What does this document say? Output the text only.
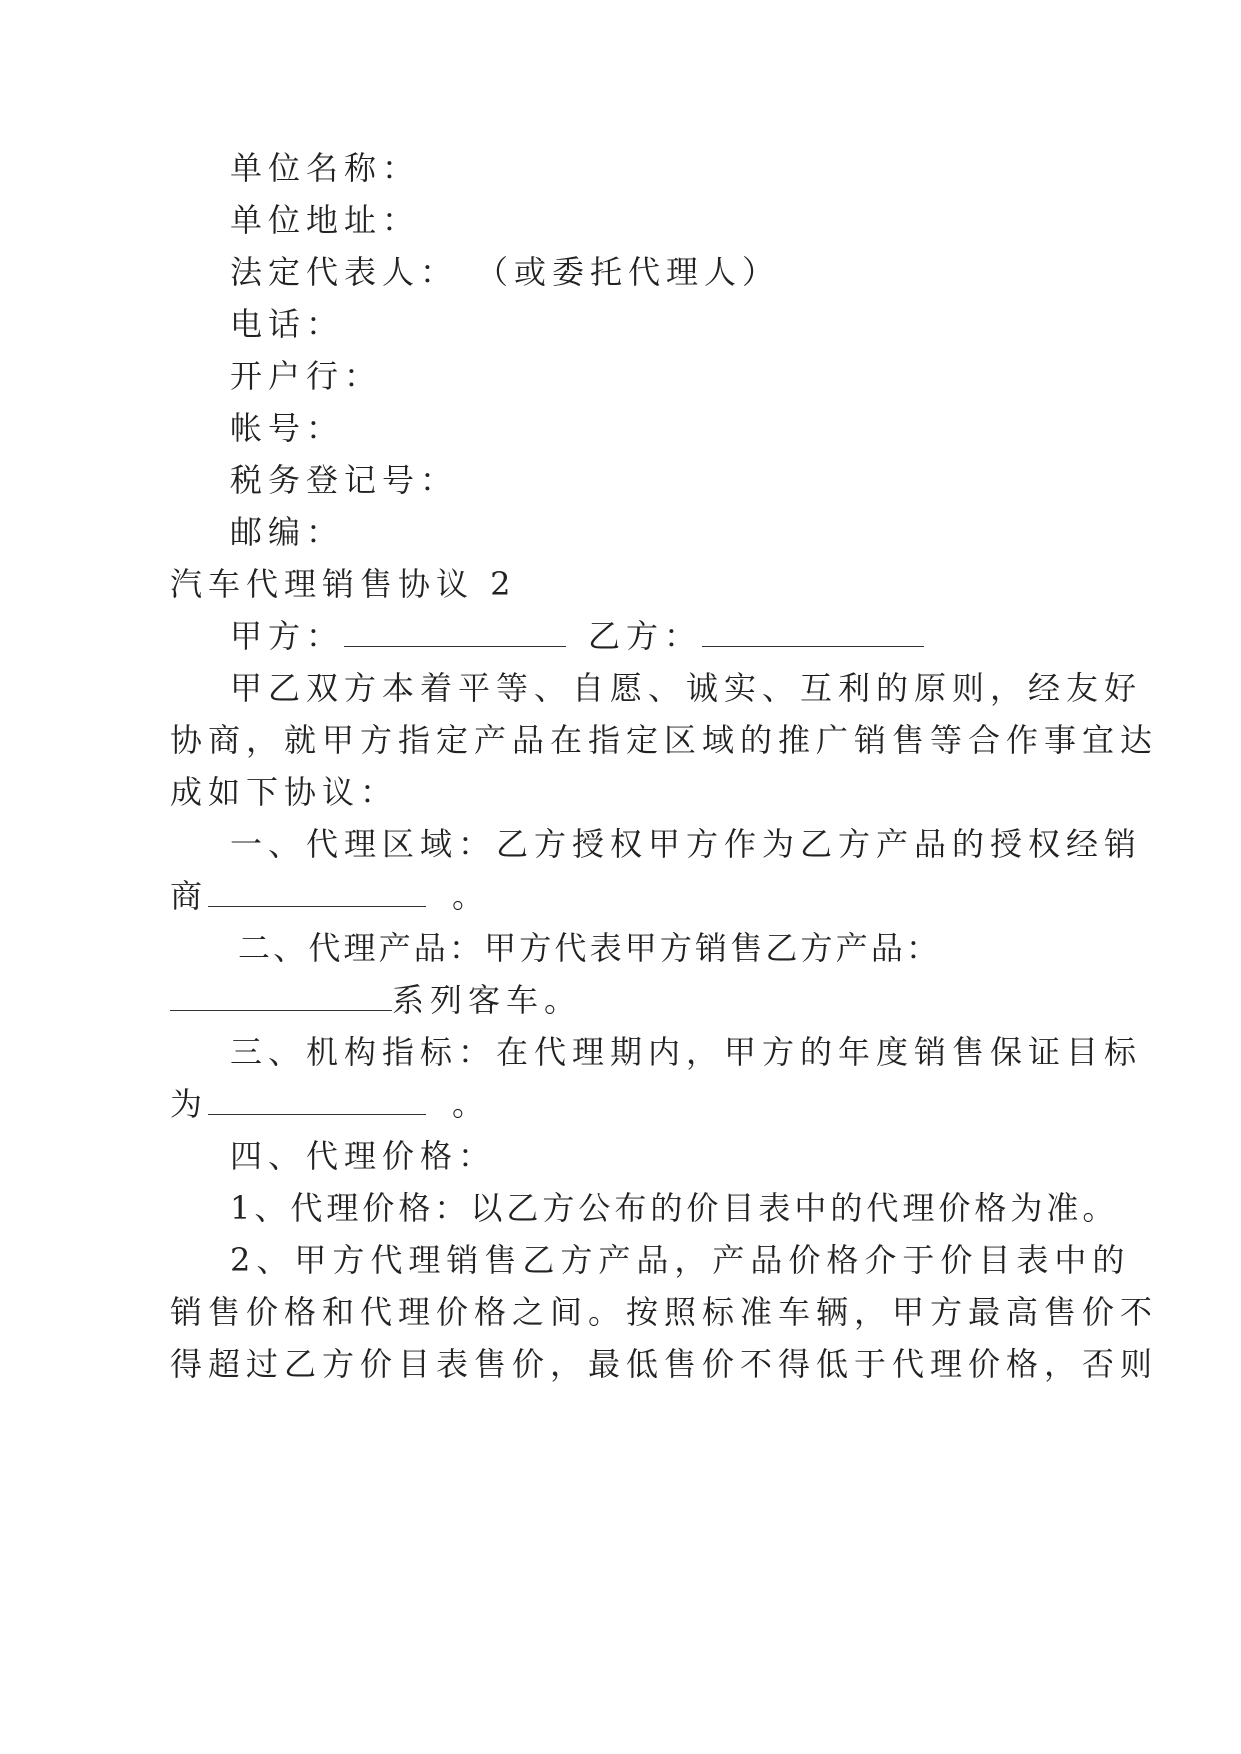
单位名称：
单位地址：
法定代表人： （或委托代理人）
电话：
开户行：
帐号：
税务登记号：
邮编：
汽车代理销售协议 2
甲方：	乙方：
甲乙双方本着平等、自愿、诚实、互利的原则，经友好
协商，就甲方指定产品在指定区域的推广销售等合作事宜达
成如下协议：
一、代理区域：乙方授权甲方作为乙方产品的授权经销
商	。
二 、 代 理 产 品 ： 甲 方 代 表 甲 方 销 售 乙 方 产 品 ：
系列客车。
三、机构指标：在代理期内，甲方的年度销售保证目标
为	。
四、代理价格：
1、代理价格：以乙方公布的价目表中的代理价格为准。
2、甲方代理销售乙方产品，产品价格介于价目表中的
销售价格和代理价格之间。按照标准车辆，甲方最高售价不
得超过乙方价目表售价，最低售价不得低于代理价格，否则
